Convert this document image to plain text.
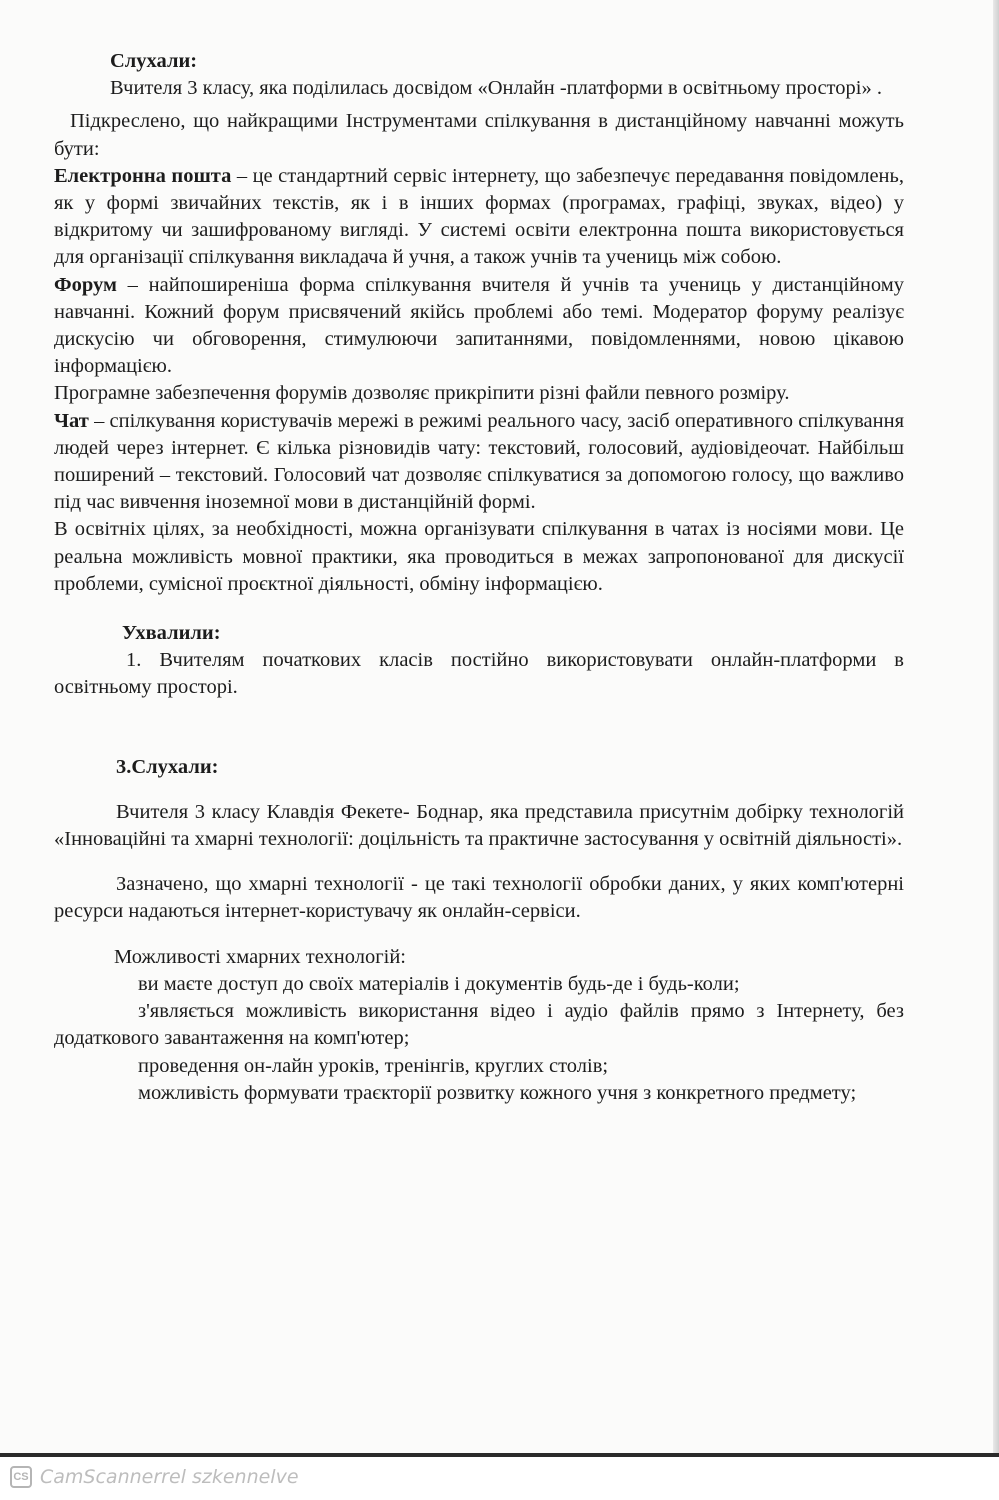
Слухали:

Вчителя 3 класу, яка поділилась досвідом «Онлайн -платформи в освітньому просторі» .

Підкреслено, що найкращими Інструментами спілкування в дистанційному навчанні можуть бути:

Електронна пошта – це стандартний сервіс інтернету, що забезпечує передавання повідомлень, як у формі звичайних текстів, як і в інших формах (програмах, графіці, звуках, відео) у відкритому чи зашифрованому вигляді. У системі освіти електронна пошта використовується для організації спілкування викладача й учня, а також учнів та учениць між собою.

Форум – найпоширеніша форма спілкування вчителя й учнів та учениць у дистанційному навчанні. Кожний форум присвячений якійсь проблемі або темі. Модератор форуму реалізує дискусію чи обговорення, стимулюючи запитаннями, повідомленнями, новою цікавою інформацією.

Програмне забезпечення форумів дозволяє прикріпити різні файли певного розміру.

Чат – спілкування користувачів мережі в режимі реального часу, засіб оперативного спілкування людей через інтернет. Є кілька різновидів чату: текстовий, голосовий, аудіовідеочат. Найбільш поширений – текстовий. Голосовий чат дозволяє спілкуватися за допомогою голосу, що важливо під час вивчення іноземної мови в дистанційній формі.

В освітніх цілях, за необхідності, можна організувати спілкування в чатах із носіями мови. Це реальна можливість мовної практики, яка проводиться в межах запропонованої для дискусії проблеми, сумісної проєктної діяльності, обміну інформацією.

Ухвалили:

1. Вчителям початкових класів постійно використовувати онлайн-платформи в освітньому просторі.

3.Слухали:

Вчителя 3 класу Клавдія Фекете- Боднар, яка представила присутнім добірку технологій «Інноваційні та хмарні технології: доцільність та практичне застосування у освітній діяльності».

Зазначено, що хмарні технології - це такі технології обробки даних, у яких комп'ютерні ресурси надаються інтернет-користувачу як онлайн-сервіси.

Можливості хмарних технологій:

ви маєте доступ до своїх матеріалів і документів будь-де і будь-коли;

з'являється можливість використання відео і аудіо файлів прямо з Інтернету, без додаткового завантаження на комп'ютер;

проведення он-лайн уроків, тренінгів, круглих столів;

можливість формувати траєкторії розвитку кожного учня з конкретного предмету;

CS CamScannerrel szkennelve
